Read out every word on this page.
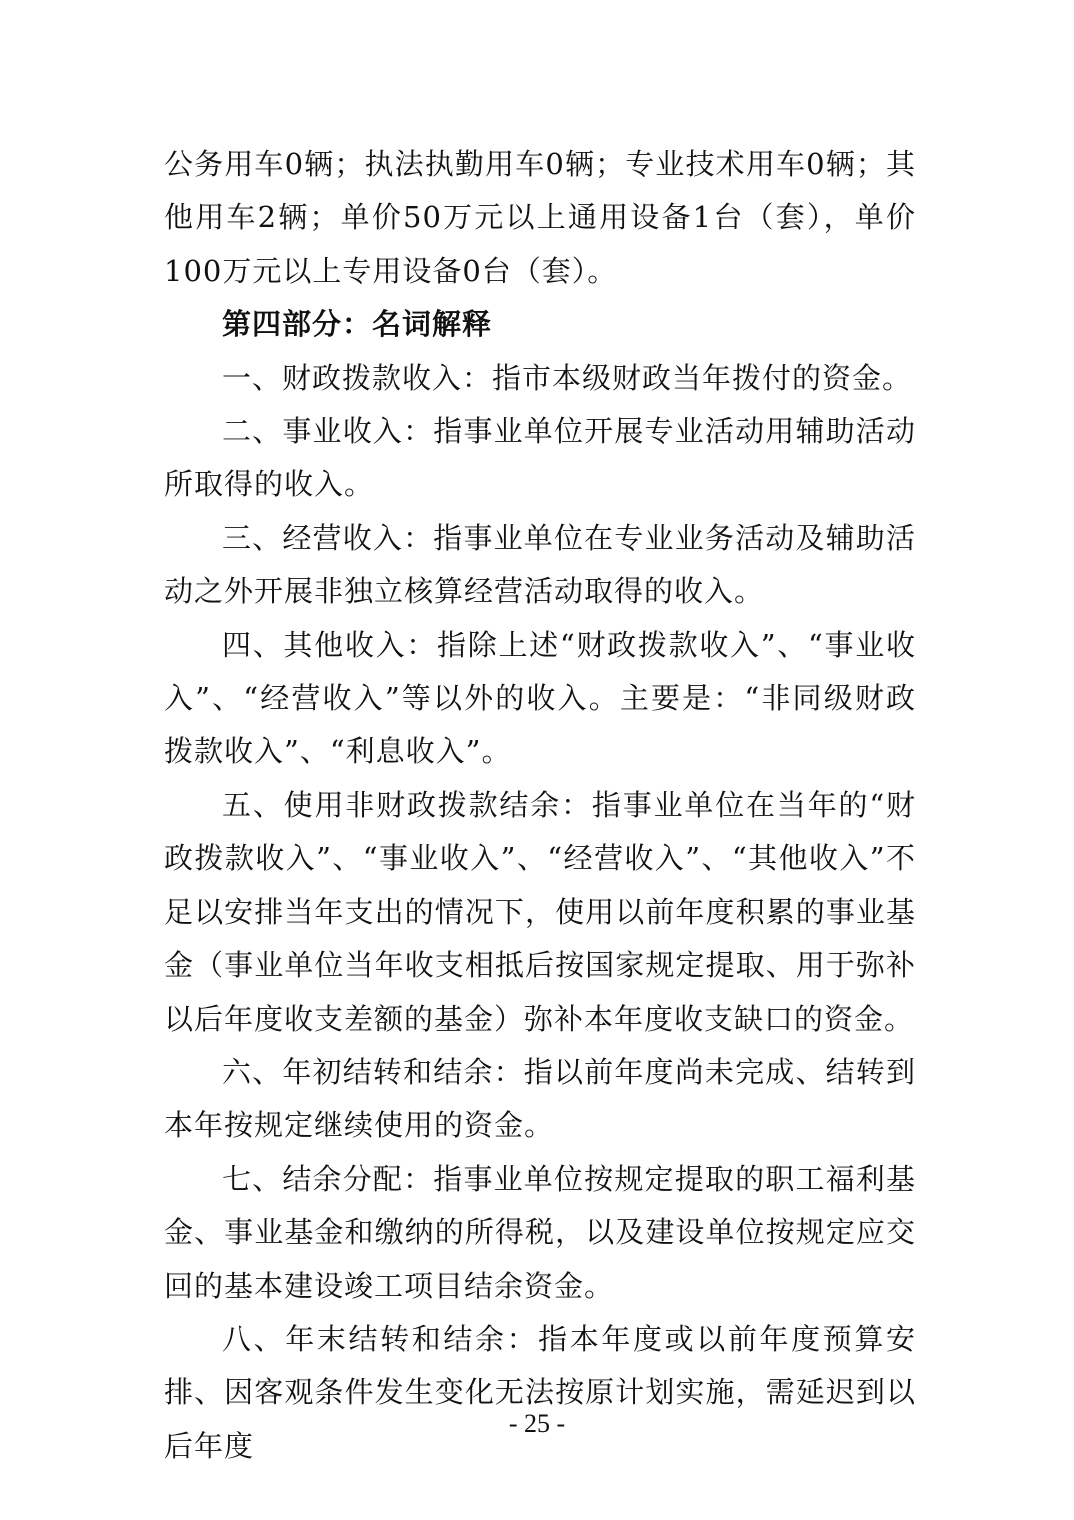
公务用车0辆；执法执勤用车0辆；专业技术用车0辆；其他用车2辆；单价50万元以上通用设备1台（套），单价100万元以上专用设备0台（套）。

第四部分：名词解释

一、财政拨款收入：指市本级财政当年拨付的资金。

二、事业收入：指事业单位开展专业活动用辅助活动所取得的收入。

三、经营收入：指事业单位在专业业务活动及辅助活动之外开展非独立核算经营活动取得的收入。

四、其他收入：指除上述“财政拨款收入”、“事业收入”、“经营收入”等以外的收入。主要是：“非同级财政拨款收入”、“利息收入”。

五、使用非财政拨款结余：指事业单位在当年的“财政拨款收入”、“事业收入”、“经营收入”、“其他收入”不足以安排当年支出的情况下，使用以前年度积累的事业基金（事业单位当年收支相抵后按国家规定提取、用于弥补以后年度收支差额的基金）弥补本年度收支缺口的资金。

六、年初结转和结余：指以前年度尚未完成、结转到本年按规定继续使用的资金。

七、结余分配：指事业单位按规定提取的职工福利基金、事业基金和缴纳的所得税，以及建设单位按规定应交回的基本建设竣工项目结余资金。

八、年末结转和结余：指本年度或以前年度预算安排、因客观条件发生变化无法按原计划实施，需延迟到以后年度

- 25 -
